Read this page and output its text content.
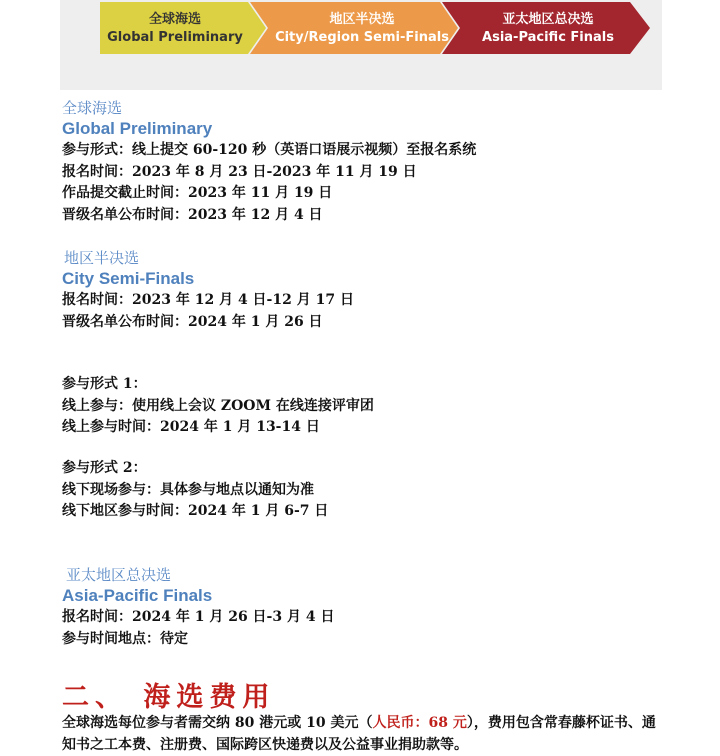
全球海选
Global Preliminary
地区半决选
City/Region Semi-Finals
亚太地区总决选
Asia-Pacific Finals
全球海选
Global Preliminary
参与形式：线上提交 60-120 秒（英语口语展示视频）至报名系统
报名时间：2023 年 8 月 23 日-2023 年 11 月 19 日
作品提交截止时间：2023 年 11 月 19 日
晋级名单公布时间：2023 年 12 月 4 日
地区半决选
City Semi-Finals
报名时间：2023 年 12 月 4 日-12 月 17 日
晋级名单公布时间：2024 年 1 月 26 日
参与形式 1：
线上参与：使用线上会议 ZOOM 在线连接评审团
线上参与时间：2024 年 1 月 13-14 日
参与形式 2：
线下现场参与：具体参与地点以通知为准
线下地区参与时间：2024 年 1 月 6-7 日
亚太地区总决选
Asia-Pacific Finals
报名时间：2024 年 1 月 26 日-3 月 4 日
参与时间地点：待定
二、 海选费用
全球海选每位参与者需交纳 80 港元或 10 美元（人民币：68 元），费用包含常春藤杯证书、通知书之工本费、注册费、国际跨区快递费以及公益事业捐助款等。
